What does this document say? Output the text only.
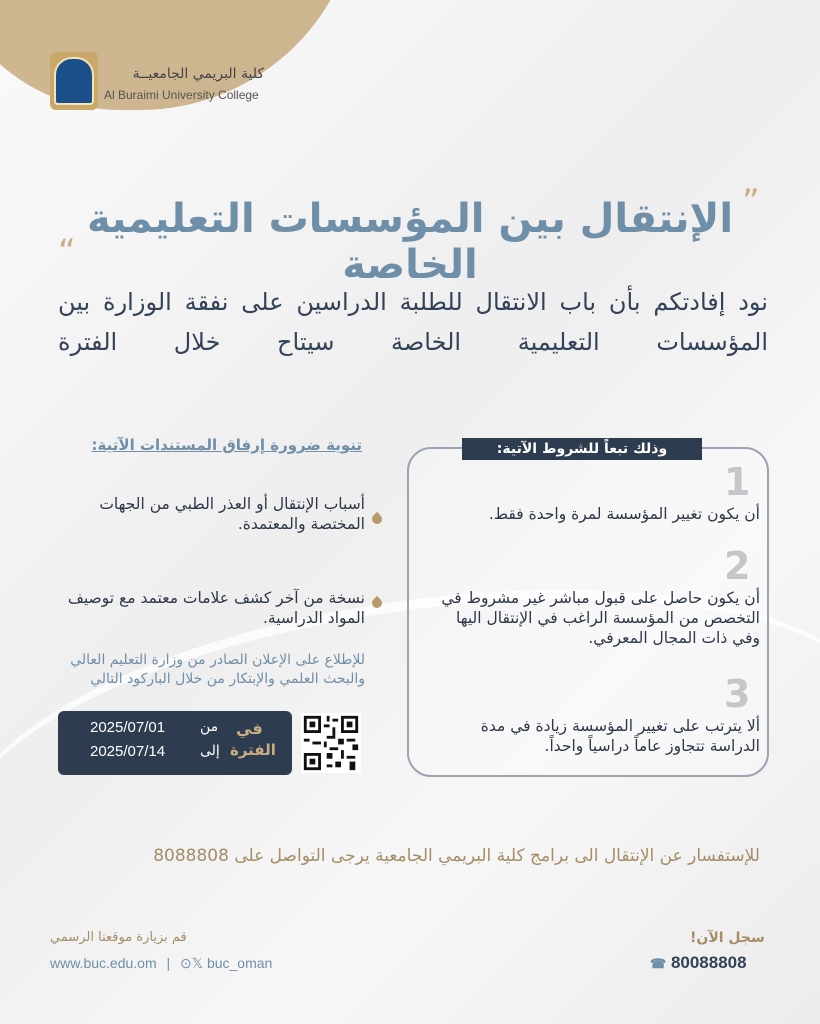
كلية البريمي الجامعيــة
Al Buraimi University College
”
الإنتقال بين المؤسسات التعليمية الخاصة
“
نود إفادتكم بأن باب الانتقال للطلبة الدراسين على نفقة الوزارة بين المؤسسات التعليمية الخاصة سيتاح خلال الفترة
وذلك تبعاً للشروط الآتية:
1
أن يكون تغيير المؤسسة لمرة واحدة فقط.
2
أن يكون حاصل على قبول مباشر غير مشروط في التخصص من المؤسسة الراغب في الإنتقال اليها وفي ذات المجال المعرفي.
3
ألا يترتب على تغيير المؤسسة زيادة في مدة الدراسة تتجاوز عاماً دراسياً واحداً.
تنوية ضرورة إرفاق المستندات الآتية:
أسباب الإنتقال أو العذر الطبي من الجهات المختصة والمعتمدة.
نسخة من آخر كشف علامات معتمد مع توصيف المواد الدراسية.
للإطلاع على الإعلان الصادر من وزارة التعليم العالي والبحث العلمي والإبتكار من خلال الباركود التالي
في
الفترة
من
إلى
2025/07/01
2025/07/14
للإستفسار عن الإنتقال الى برامج كلية البريمي الجامعية يرجى التواصل على 8088808
قم بزيارة موقعنا الرسمي
www.buc.edu.om | ⊙𝕏 buc_oman
سجل الآن!
☎ 80088808
